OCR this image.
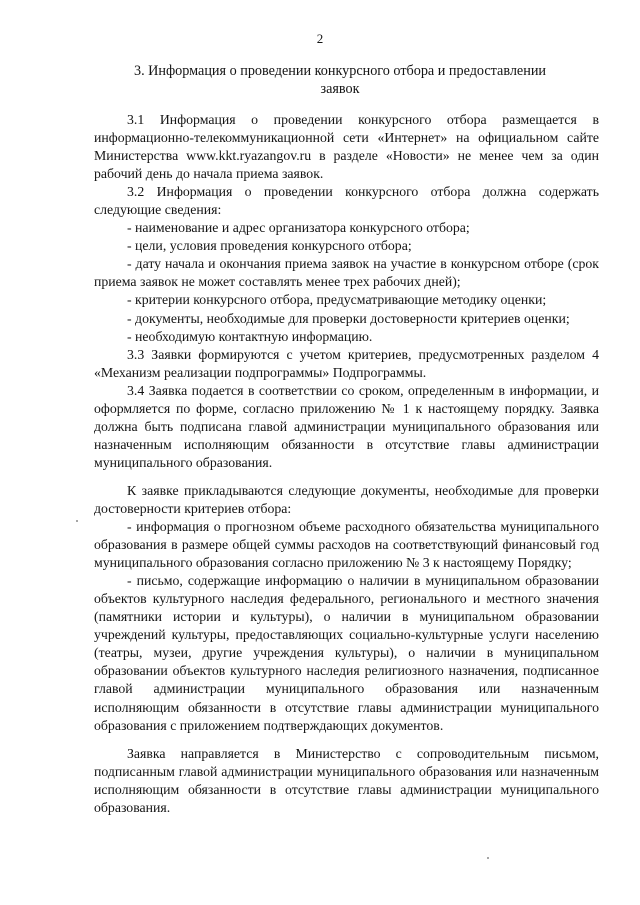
2
3. Информация о проведении конкурсного отбора и предоставлении
заявок

3.1 Информация о проведении конкурсного отбора размещается в информационно-телекоммуникационной сети «Интернет» на официальном сайте Министерства www.kkt.ryazangov.ru в разделе «Новости» не менее чем за один рабочий день до начала приема заявок.

3.2 Информация о проведении конкурсного отбора должна содержать следующие сведения:

- наименование и адрес организатора конкурсного отбора;

- цели, условия проведения конкурсного отбора;

- дату начала и окончания приема заявок на участие в конкурсном отборе (срок приема заявок не может составлять менее трех рабочих дней);

- критерии конкурсного отбора, предусматривающие методику оценки;

- документы, необходимые для проверки достоверности критериев оценки;

- необходимую контактную информацию.

3.3 Заявки формируются с учетом критериев, предусмотренных разделом 4 «Механизм реализации подпрограммы» Подпрограммы.

3.4 Заявка подается в соответствии со сроком, определенным в информации, и оформляется по форме, согласно приложению № 1 к настоящему порядку. Заявка должна быть подписана главой администрации муниципального образования или назначенным исполняющим обязанности в отсутствие главы администрации муниципального образования.

К заявке прикладываются следующие документы, необходимые для проверки достоверности критериев отбора:

- информация о прогнозном объеме расходного обязательства муниципального образования в размере общей суммы расходов на соответствующий финансовый год муниципального образования согласно приложению № 3 к настоящему Порядку;

- письмо, содержащие информацию о наличии в муниципальном образовании объектов культурного наследия федерального, регионального и местного значения (памятники истории и культуры), о наличии в муниципальном образовании учреждений культуры, предоставляющих социально-культурные услуги населению (театры, музеи, другие учреждения культуры), о наличии в муниципальном образовании объектов культурного наследия религиозного назначения, подписанное главой администрации муниципального образования или назначенным исполняющим обязанности в отсутствие главы администрации муниципального образования с приложением подтверждающих документов.

Заявка направляется в Министерство с сопроводительным письмом, подписанным главой администрации муниципального образования или назначенным исполняющим обязанности в отсутствие главы администрации муниципального образования.
